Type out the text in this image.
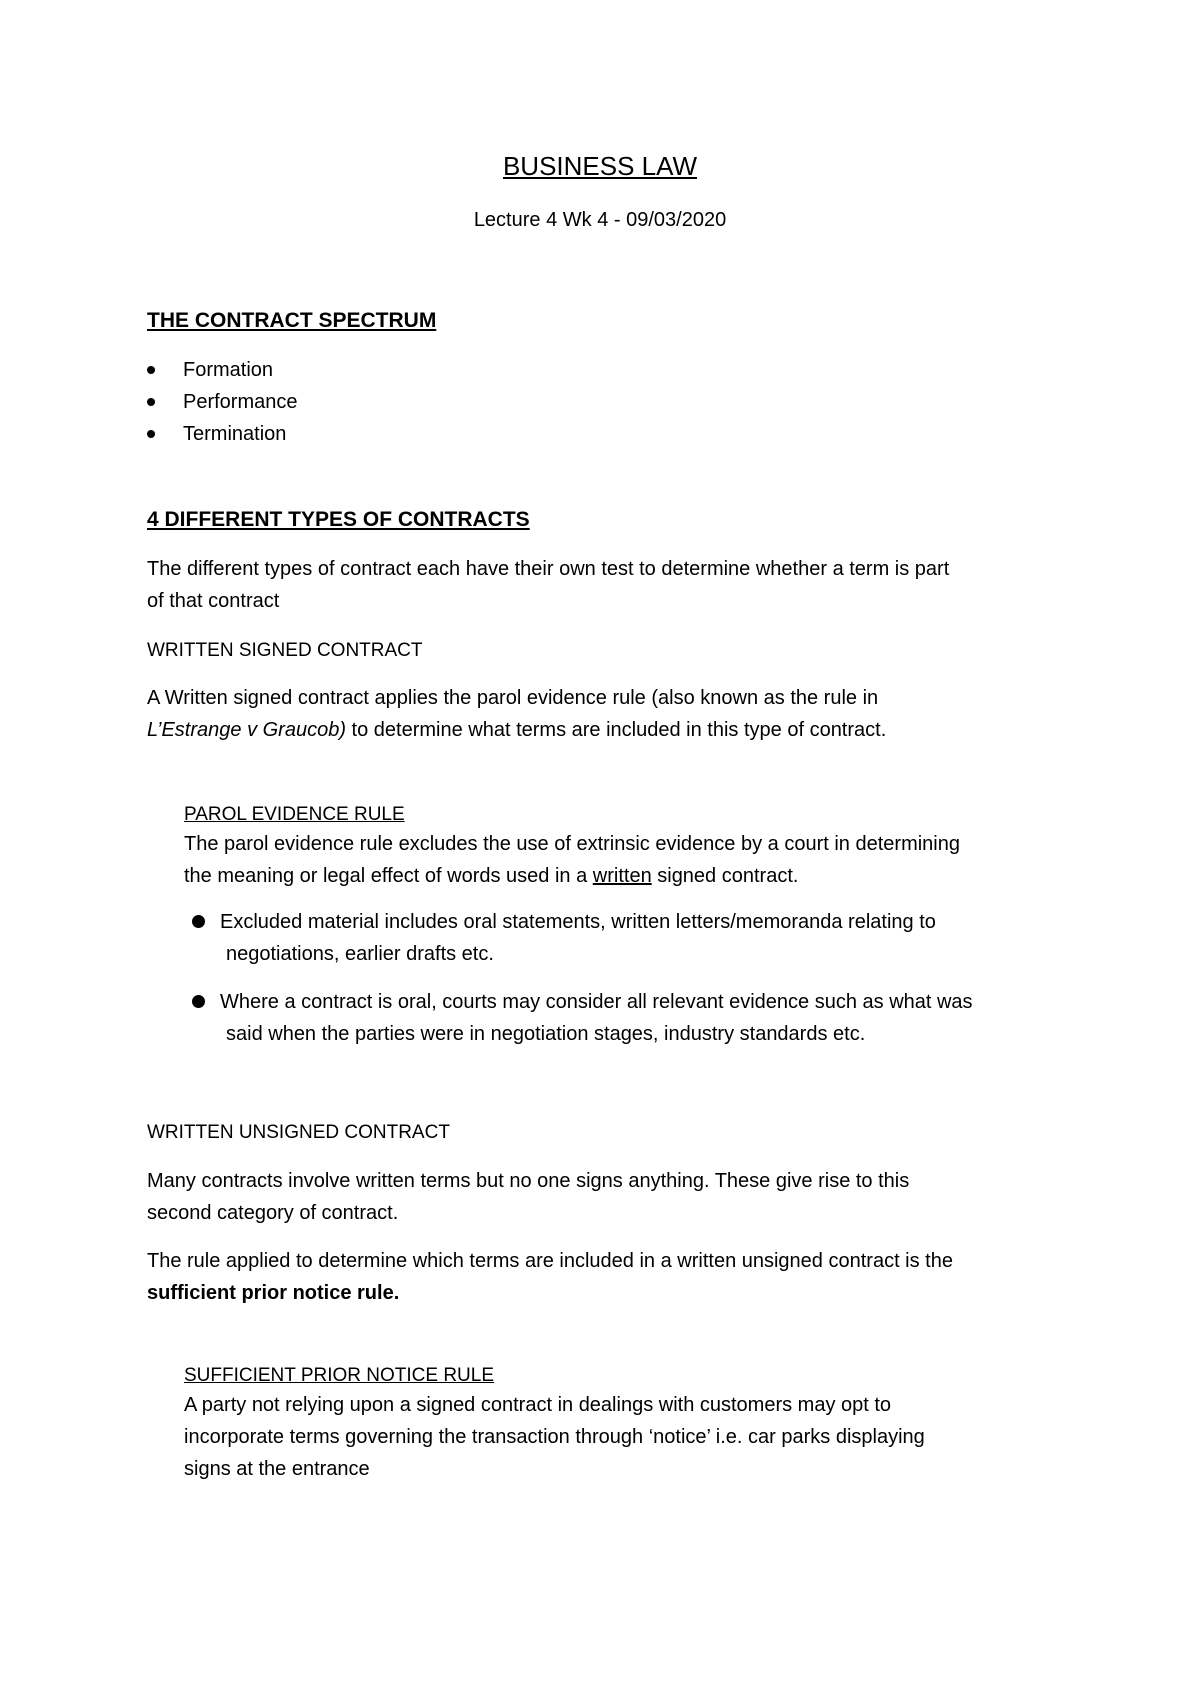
BUSINESS LAW
Lecture 4 Wk 4 - 09/03/2020
THE CONTRACT SPECTRUM
Formation
Performance
Termination
4 DIFFERENT TYPES OF CONTRACTS
The different types of contract each have their own test to determine whether a term is part
of that contract
WRITTEN SIGNED CONTRACT
A Written signed contract applies the parol evidence rule (also known as the rule in
L’Estrange v Graucob) to determine what terms are included in this type of contract.
PAROL EVIDENCE RULE
The parol evidence rule excludes the use of extrinsic evidence by a court in determining
the meaning or legal effect of words used in a written signed contract.
Excluded material includes oral statements, written letters/memoranda relating to
negotiations, earlier drafts etc.
Where a contract is oral, courts may consider all relevant evidence such as what was
said when the parties were in negotiation stages, industry standards etc.
WRITTEN UNSIGNED CONTRACT
Many contracts involve written terms but no one signs anything. These give rise to this
second category of contract.
The rule applied to determine which terms are included in a written unsigned contract is the
sufficient prior notice rule.
SUFFICIENT PRIOR NOTICE RULE
A party not relying upon a signed contract in dealings with customers may opt to
incorporate terms governing the transaction through ‘notice’ i.e. car parks displaying
signs at the entrance
